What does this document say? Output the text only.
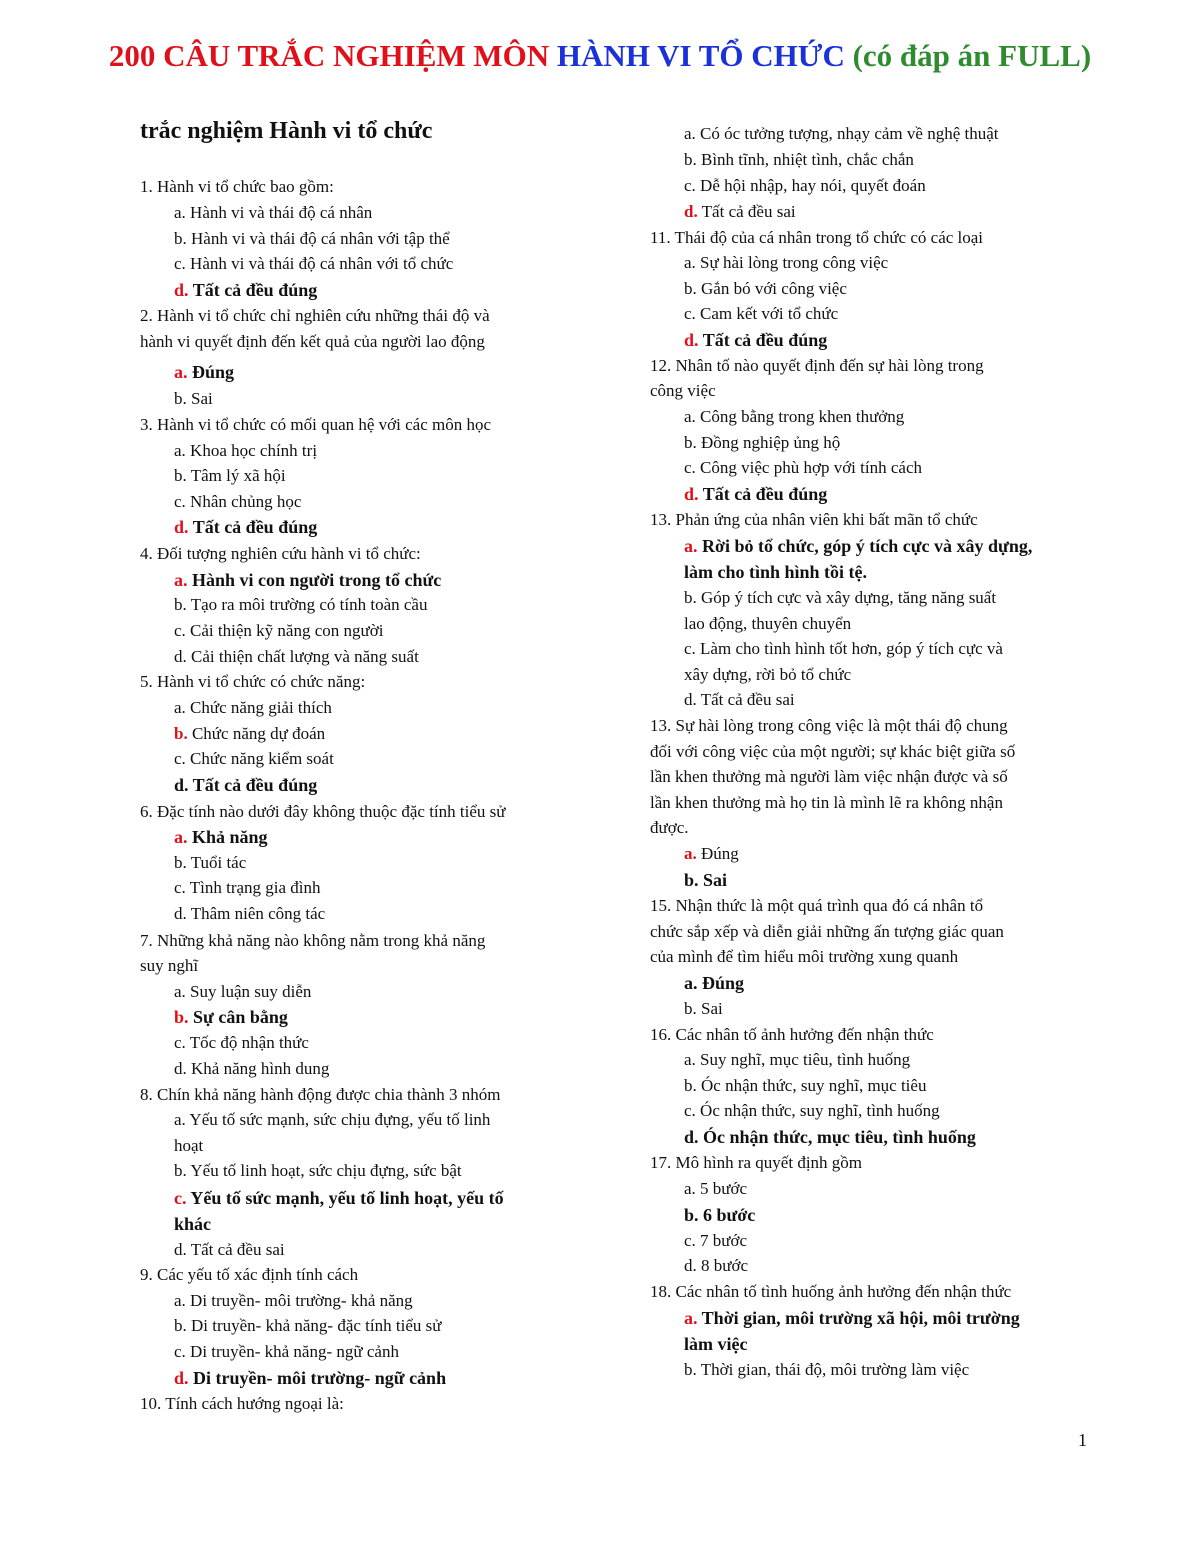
200 CÂU TRẮC NGHIỆM MÔN HÀNH VI TỔ CHỨC (có đáp án FULL)
trắc nghiệm Hành vi tổ chức
1. Hành vi tổ chức bao gồm:
a. Hành vi và thái độ cá nhân
b. Hành vi và thái độ cá nhân với tập thể
c. Hành vi và thái độ cá nhân với tổ chức
d. Tất cả đều đúng
2. Hành vi tổ chức chỉ nghiên cứu những thái độ và
hành vi quyết định đến kết quả của người lao động
a. Đúng
b. Sai
3. Hành vi tổ chức có mối quan hệ với các môn học
a. Khoa học chính trị
b. Tâm lý xã hội
c. Nhân chủng học
d. Tất cả đều đúng
4. Đối tượng nghiên cứu hành vi tổ chức:
a. Hành vi con người trong tổ chức
b. Tạo ra môi trường có tính toàn cầu
c. Cải thiện kỹ năng con người
d. Cải thiện chất lượng và năng suất
5. Hành vi tổ chức có chức năng:
a. Chức năng giải thích
b. Chức năng dự đoán
c. Chức năng kiểm soát
d. Tất cả đều đúng
6. Đặc tính nào dưới đây không thuộc đặc tính tiểu sử
a. Khả năng
b. Tuổi tác
c. Tình trạng gia đình
d. Thâm niên công tác
7. Những khả năng nào không nằm trong khả năng
suy nghĩ
a. Suy luận suy diễn
b. Sự cân bằng
c. Tốc độ nhận thức
d. Khả năng hình dung
8. Chín khả năng hành động được chia thành 3 nhóm
a. Yếu tố sức mạnh, sức chịu đựng, yếu tố linh
hoạt
b. Yếu tố linh hoạt, sức chịu đựng, sức bật
c. Yếu tố sức mạnh, yếu tố linh hoạt, yếu tố
khác
d. Tất cả đều sai
9. Các yếu tố xác định tính cách
a. Di truyền- môi trường- khả năng
b. Di truyền- khả năng- đặc tính tiểu sử
c. Di truyền- khả năng- ngữ cảnh
d. Di truyền- môi trường- ngữ cảnh
10. Tính cách hướng ngoại là:
a. Có óc tưởng tượng, nhạy cảm về nghệ thuật
b. Bình tĩnh, nhiệt tình, chắc chắn
c. Dễ hội nhập, hay nói, quyết đoán
d. Tất cả đều sai
11. Thái độ của cá nhân trong tổ chức có các loại
a. Sự hài lòng trong công việc
b. Gắn bó với công việc
c. Cam kết với tổ chức
d. Tất cả đều đúng
12. Nhân tố nào quyết định đến sự hài lòng trong
công việc
a. Công bằng trong khen thưởng
b. Đồng nghiệp ủng hộ
c. Công việc phù hợp với tính cách
d. Tất cả đều đúng
13. Phản ứng của nhân viên khi bất mãn tổ chức
a. Rời bỏ tổ chức, góp ý tích cực và xây dựng,
làm cho tình hình tồi tệ.
b. Góp ý tích cực và xây dựng, tăng năng suất
lao động, thuyên chuyển
c. Làm cho tình hình tốt hơn, góp ý tích cực và
xây dựng, rời bỏ tổ chức
d. Tất cả đều sai
13. Sự hài lòng trong công việc là một thái độ chung
đối với công việc của một người; sự khác biệt giữa số
lần khen thưởng mà người làm việc nhận được và số
lần khen thưởng mà họ tin là mình lẽ ra không nhận
được.
a. Đúng
b. Sai
15. Nhận thức là một quá trình qua đó cá nhân tổ
chức sắp xếp và diễn giải những ấn tượng giác quan
của mình để tìm hiểu môi trường xung quanh
a. Đúng
b. Sai
16. Các nhân tố ảnh hưởng đến nhận thức
a. Suy nghĩ, mục tiêu, tình huống
b. Óc nhận thức, suy nghĩ, mục tiêu
c. Óc nhận thức, suy nghĩ, tình huống
d. Óc nhận thức, mục tiêu, tình huống
17. Mô hình ra quyết định gồm
a. 5 bước
b. 6 bước
c. 7 bước
d. 8 bước
18. Các nhân tố tình huống ảnh hưởng đến nhận thức
a. Thời gian, môi trường xã hội, môi trường
làm việc
b. Thời gian, thái độ, môi trường làm việc
1
